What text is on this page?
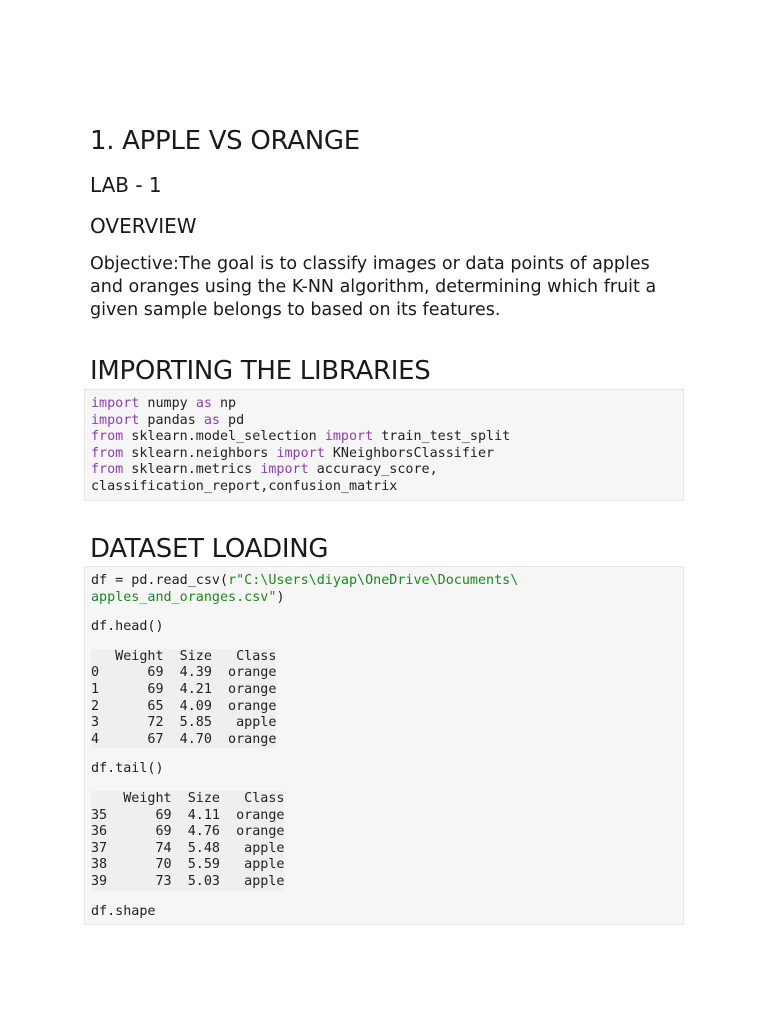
1. APPLE VS ORANGE
LAB - 1
OVERVIEW

Objective:The goal is to classify images or data points of apples and oranges using the K-NN algorithm, determining which fruit a given sample belongs to based on its features.

IMPORTING THE LIBRARIES
import numpy as np
import pandas as pd
from sklearn.model_selection import train_test_split
from sklearn.neighbors import KNeighborsClassifier
from sklearn.metrics import accuracy_score,
classification_report,confusion_matrix
DATASET LOADING
df = pd.read_csv(r"C:\Users\diyap\OneDrive\Documents\
apples_and_oranges.csv")
df.head()
Weight  Size   Class
0      69  4.39  orange
1      69  4.21  orange
2      65  4.09  orange
3      72  5.85   apple
4      67  4.70  orange
df.tail()
Weight  Size   Class
35      69  4.11  orange
36      69  4.76  orange
37      74  5.48   apple
38      70  5.59   apple
39      73  5.03   apple
df.shape
